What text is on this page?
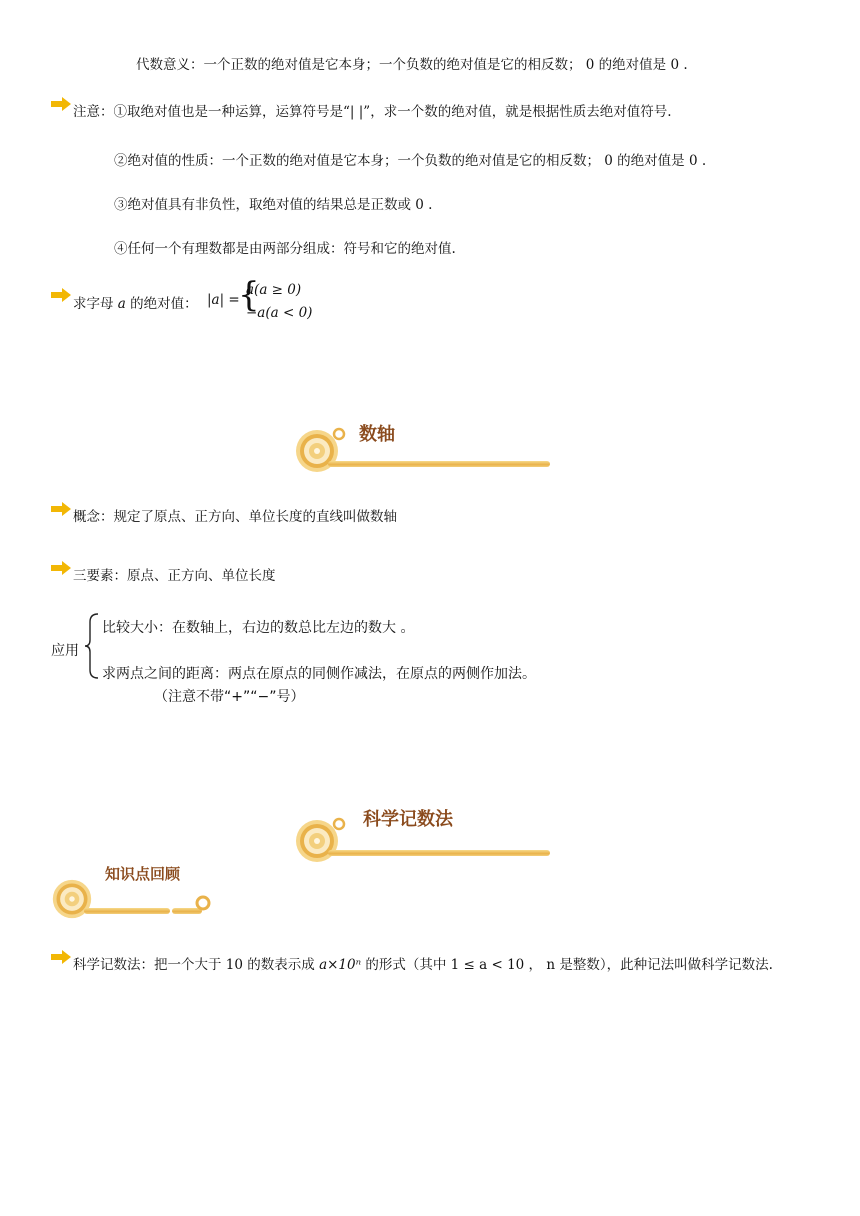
代数意义：一个正数的绝对值是它本身；一个负数的绝对值是它的相反数； 0 的绝对值是 0 .
注意：①取绝对值也是一种运算，运算符号是“| |”，求一个数的绝对值，就是根据性质去绝对值符号.
②绝对值的性质：一个正数的绝对值是它本身；一个负数的绝对值是它的相反数； 0 的绝对值是 0 .
③绝对值具有非负性，取绝对值的结果总是正数或 0 .
④任何一个有理数都是由两部分组成：符号和它的绝对值.
求字母 a 的绝对值： |a| =
{
a(a ≥ 0)
−a(a < 0)
数轴
概念：规定了原点、正方向、单位长度的直线叫做数轴
三要素：原点、正方向、单位长度
应用
比较大小：在数轴上，右边的数总比左边的数大 。
求两点之间的距离：两点在原点的同侧作减法，在原点的两侧作加法。
（注意不带“+”“−”号）
科学记数法
知识点回顾
科学记数法：把一个大于 10 的数表示成 a×10ⁿ 的形式（其中 1 ≤ a < 10 ， n 是整数），此种记法叫做科学记数法.
